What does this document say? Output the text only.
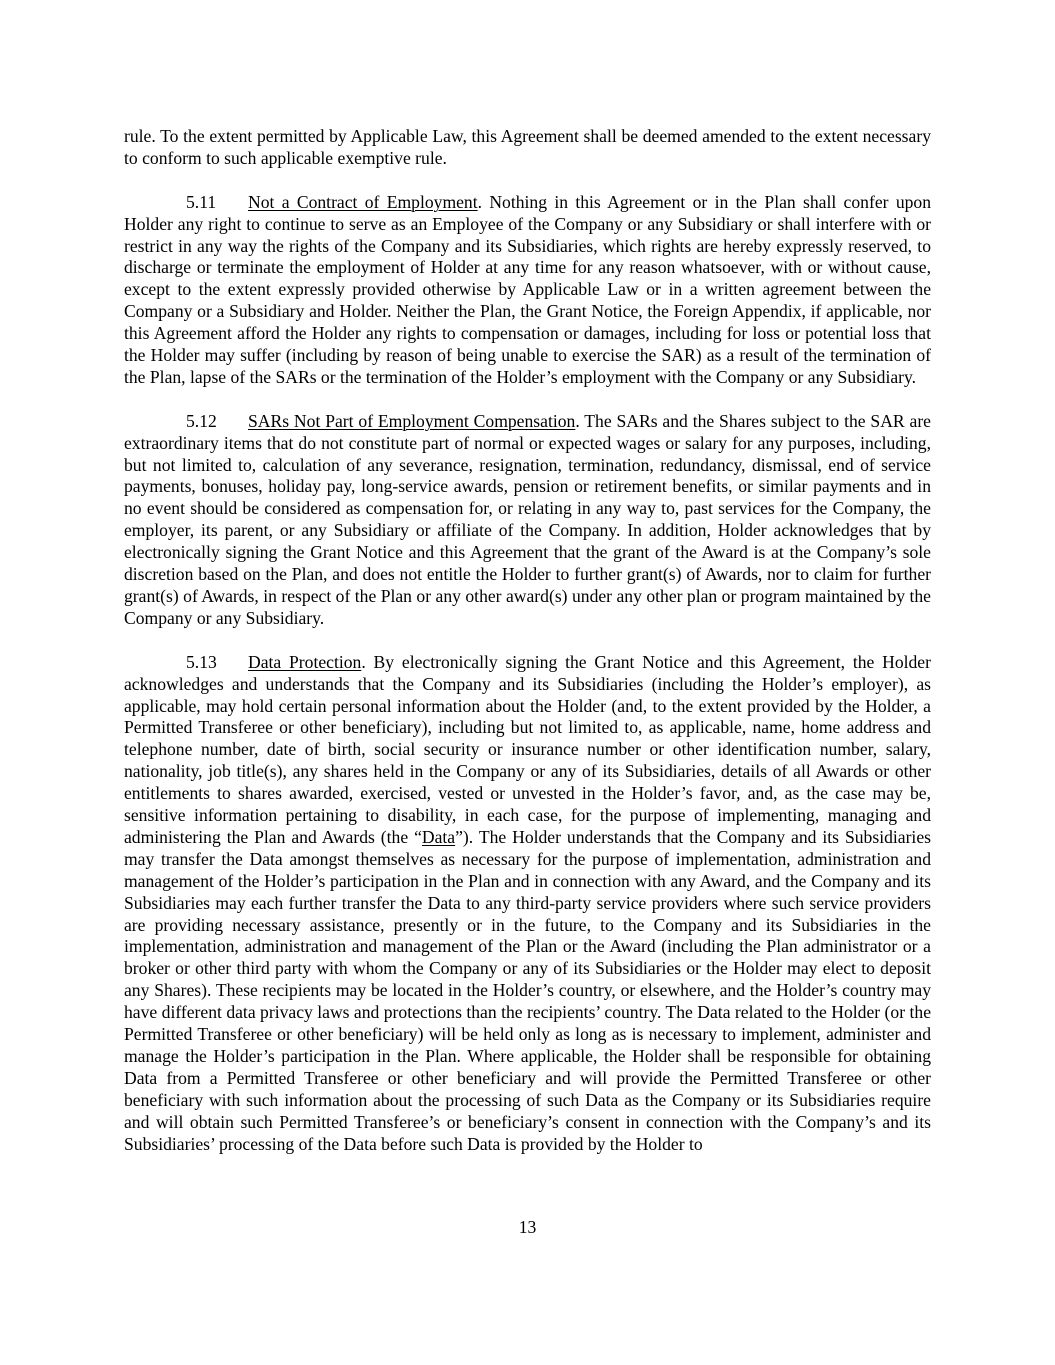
rule. To the extent permitted by Applicable Law, this Agreement shall be deemed amended to the extent necessary to conform to such applicable exemptive rule.

5.11 Not a Contract of Employment. Nothing in this Agreement or in the Plan shall confer upon Holder any right to continue to serve as an Employee of the Company or any Subsidiary or shall interfere with or restrict in any way the rights of the Company and its Subsidiaries, which rights are hereby expressly reserved, to discharge or terminate the employment of Holder at any time for any reason whatsoever, with or without cause, except to the extent expressly provided otherwise by Applicable Law or in a written agreement between the Company or a Subsidiary and Holder. Neither the Plan, the Grant Notice, the Foreign Appendix, if applicable, nor this Agreement afford the Holder any rights to compensation or damages, including for loss or potential loss that the Holder may suffer (including by reason of being unable to exercise the SAR) as a result of the termination of the Plan, lapse of the SARs or the termination of the Holder’s employment with the Company or any Subsidiary.

5.12 SARs Not Part of Employment Compensation. The SARs and the Shares subject to the SAR are extraordinary items that do not constitute part of normal or expected wages or salary for any purposes, including, but not limited to, calculation of any severance, resignation, termination, redundancy, dismissal, end of service payments, bonuses, holiday pay, long-service awards, pension or retirement benefits, or similar payments and in no event should be considered as compensation for, or relating in any way to, past services for the Company, the employer, its parent, or any Subsidiary or affiliate of the Company. In addition, Holder acknowledges that by electronically signing the Grant Notice and this Agreement that the grant of the Award is at the Company’s sole discretion based on the Plan, and does not entitle the Holder to further grant(s) of Awards, nor to claim for further grant(s) of Awards, in respect of the Plan or any other award(s) under any other plan or program maintained by the Company or any Subsidiary.

5.13 Data Protection. By electronically signing the Grant Notice and this Agreement, the Holder acknowledges and understands that the Company and its Subsidiaries (including the Holder’s employer), as applicable, may hold certain personal information about the Holder (and, to the extent provided by the Holder, a Permitted Transferee or other beneficiary), including but not limited to, as applicable, name, home address and telephone number, date of birth, social security or insurance number or other identification number, salary, nationality, job title(s), any shares held in the Company or any of its Subsidiaries, details of all Awards or other entitlements to shares awarded, exercised, vested or unvested in the Holder’s favor, and, as the case may be, sensitive information pertaining to disability, in each case, for the purpose of implementing, managing and administering the Plan and Awards (the “Data”). The Holder understands that the Company and its Subsidiaries may transfer the Data amongst themselves as necessary for the purpose of implementation, administration and management of the Holder’s participation in the Plan and in connection with any Award, and the Company and its Subsidiaries may each further transfer the Data to any third-party service providers where such service providers are providing necessary assistance, presently or in the future, to the Company and its Subsidiaries in the implementation, administration and management of the Plan or the Award (including the Plan administrator or a broker or other third party with whom the Company or any of its Subsidiaries or the Holder may elect to deposit any Shares). These recipients may be located in the Holder’s country, or elsewhere, and the Holder’s country may have different data privacy laws and protections than the recipients’ country. The Data related to the Holder (or the Permitted Transferee or other beneficiary) will be held only as long as is necessary to implement, administer and manage the Holder’s participation in the Plan. Where applicable, the Holder shall be responsible for obtaining Data from a Permitted Transferee or other beneficiary and will provide the Permitted Transferee or other beneficiary with such information about the processing of such Data as the Company or its Subsidiaries require and will obtain such Permitted Transferee’s or beneficiary’s consent in connection with the Company’s and its Subsidiaries’ processing of the Data before such Data is provided by the Holder to

13
